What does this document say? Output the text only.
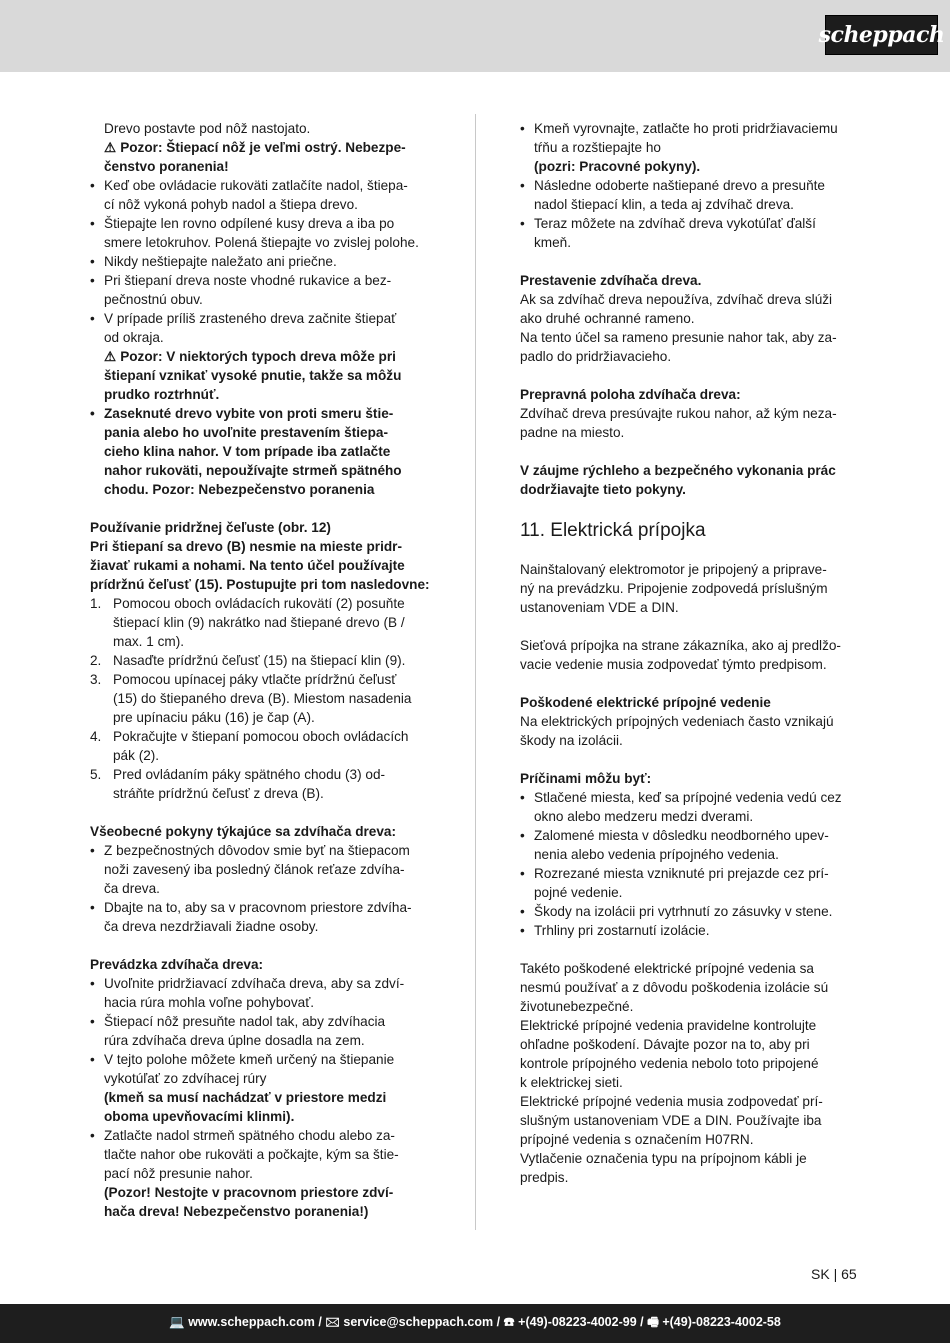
scheppach
Drevo postavte pod nôž nastojato.
⚠ Pozor: Štiepací nôž je veľmi ostrý. Nebezpe-
čenstvo poranenia!
• Keď obe ovládacie rukoväti zatlačíte nadol, štiepa-
cí nôž vykoná pohyb nadol a štiepa drevo.
• Štiepajte len rovno odpílené kusy dreva a iba po
smere letokruhov. Polená štiepajte vo zvislej polohe.
• Nikdy neštiepajte naležato ani priečne.
• Pri štiepaní dreva noste vhodné rukavice a bez-
pečnostnú obuv.
• V prípade príliš zrasteného dreva začnite štiepať
od okraja.
⚠ Pozor: V niektorých typoch dreva môže pri
štiepaní vznikať vysoké pnutie, takže sa môžu
prudko roztrhnúť.
• Zaseknuté drevo vybite von proti smeru štie-
pania alebo ho uvoľnite prestavením štiepa-
cieho klina nahor. V tom prípade iba zatlačte
nahor rukoväti, nepoužívajte strmeň spätného
chodu. Pozor: Nebezpečenstvo poranenia
Používanie pridržnej čeľuste (obr. 12)
Pri štiepaní sa drevo (B) nesmie na mieste pridr-
žiavať rukami a nohami. Na tento účel používajte
prídržnú čeľusť (15). Postupujte pri tom nasledovne:
1. Pomocou oboch ovládacích rukovätí (2) posuňte
štiepací klin (9) nakrátko nad štiepané drevo (B /
max. 1 cm).
2. Nasaďte prídržnú čeľusť (15) na štiepací klin (9).
3. Pomocou upínacej páky vtlačte prídržnú čeľusť
(15) do štiepaného dreva (B). Miestom nasadenia
pre upínaciu páku (16) je čap (A).
4. Pokračujte v štiepaní pomocou oboch ovládacích
pák (2).
5. Pred ovládaním páky spätného chodu (3) od-
stráňte prídržnú čeľusť z dreva (B).
Všeobecné pokyny týkajúce sa zdvíhača dreva:
• Z bezpečnostných dôvodov smie byť na štiepacom
noži zavesený iba posledný článok reťaze zdvíha-
ča dreva.
• Dbajte na to, aby sa v pracovnom priestore zdvíha-
ča dreva nezdržiavali žiadne osoby.
Prevádzka zdvíhača dreva:
• Uvoľnite pridržiavací zdvíhača dreva, aby sa zdví-
hacia rúra mohla voľne pohybovať.
• Štiepací nôž presuňte nadol tak, aby zdvíhacia
rúra zdvíhača dreva úplne dosadla na zem.
• V tejto polohe môžete kmeň určený na štiepanie
vykotúľať zo zdvíhacej rúry
(kmeň sa musí nachádzať v priestore medzi
oboma upevňovacími klinmi).
• Zatlačte nadol strmeň spätného chodu alebo za-
tlačte nahor obe rukoväti a počkajte, kým sa štie-
pací nôž presunie nahor.
(Pozor! Nestojte v pracovnom priestore zdví-
hača dreva! Nebezpečenstvo poranenia!)
• Kmeň vyrovnajte, zatlačte ho proti pridržiavaciemu
tŕňu a rozštiepajte ho
(pozri: Pracovné pokyny).
• Následne odoberte naštiepané drevo a presuňte
nadol štiepací klin, a teda aj zdvíhač dreva.
• Teraz môžete na zdvíhač dreva vykotúľať ďalší
kmeň.
Prestavenie zdvíhača dreva.
Ak sa zdvíhač dreva nepoužíva, zdvíhač dreva slúži
ako druhé ochranné rameno.
Na tento účel sa rameno presunie nahor tak, aby za-
padlo do pridržiavacieho.
Prepravná poloha zdvíhača dreva:
Zdvíhač dreva presúvajte rukou nahor, až kým neza-
padne na miesto.
V záujme rýchleho a bezpečného vykonania prác
dodržiavajte tieto pokyny.
11. Elektrická prípojka
Nainštalovaný elektromotor je pripojený a priprave-
ný na prevádzku. Pripojenie zodpovedá príslušným
ustanoveniam VDE a DIN.
Sieťová prípojka na strane zákazníka, ako aj predlžo-
vacie vedenie musia zodpovedať týmto predpisom.
Poškodené elektrické prípojné vedenie
Na elektrických prípojných vedeniach často vznikajú
škody na izolácii.
Príčinami môžu byť:
• Stlačené miesta, keď sa prípojné vedenia vedú cez
okno alebo medzeru medzi dverami.
• Zalomené miesta v dôsledku neodborného upev-
nenia alebo vedenia prípojného vedenia.
• Rozrezané miesta vzniknuté pri prejazde cez prí-
pojné vedenie.
• Škody na izolácii pri vytrhnutí zo zásuvky v stene.
• Trhliny pri zostarnutí izolácie.
Takéto poškodené elektrické prípojné vedenia sa
nesmú používať a z dôvodu poškodenia izolácie sú
životunebezpečné.
Elektrické prípojné vedenia pravidelne kontrolujte
ohľadne poškodení. Dávajte pozor na to, aby pri
kontrole prípojného vedenia nebolo toto pripojené
k elektrickej sieti.
Elektrické prípojné vedenia musia zodpovedať prí-
slušným ustanoveniam VDE a DIN. Používajte iba
prípojné vedenia s označením H07RN.
Vytlačenie označenia typu na prípojnom kábli je
predpis.
SK | 65
💻 www.scheppach.com / 🖂 service@scheppach.com / ☎ +(49)-08223-4002-99 / 🖷 +(49)-08223-4002-58
